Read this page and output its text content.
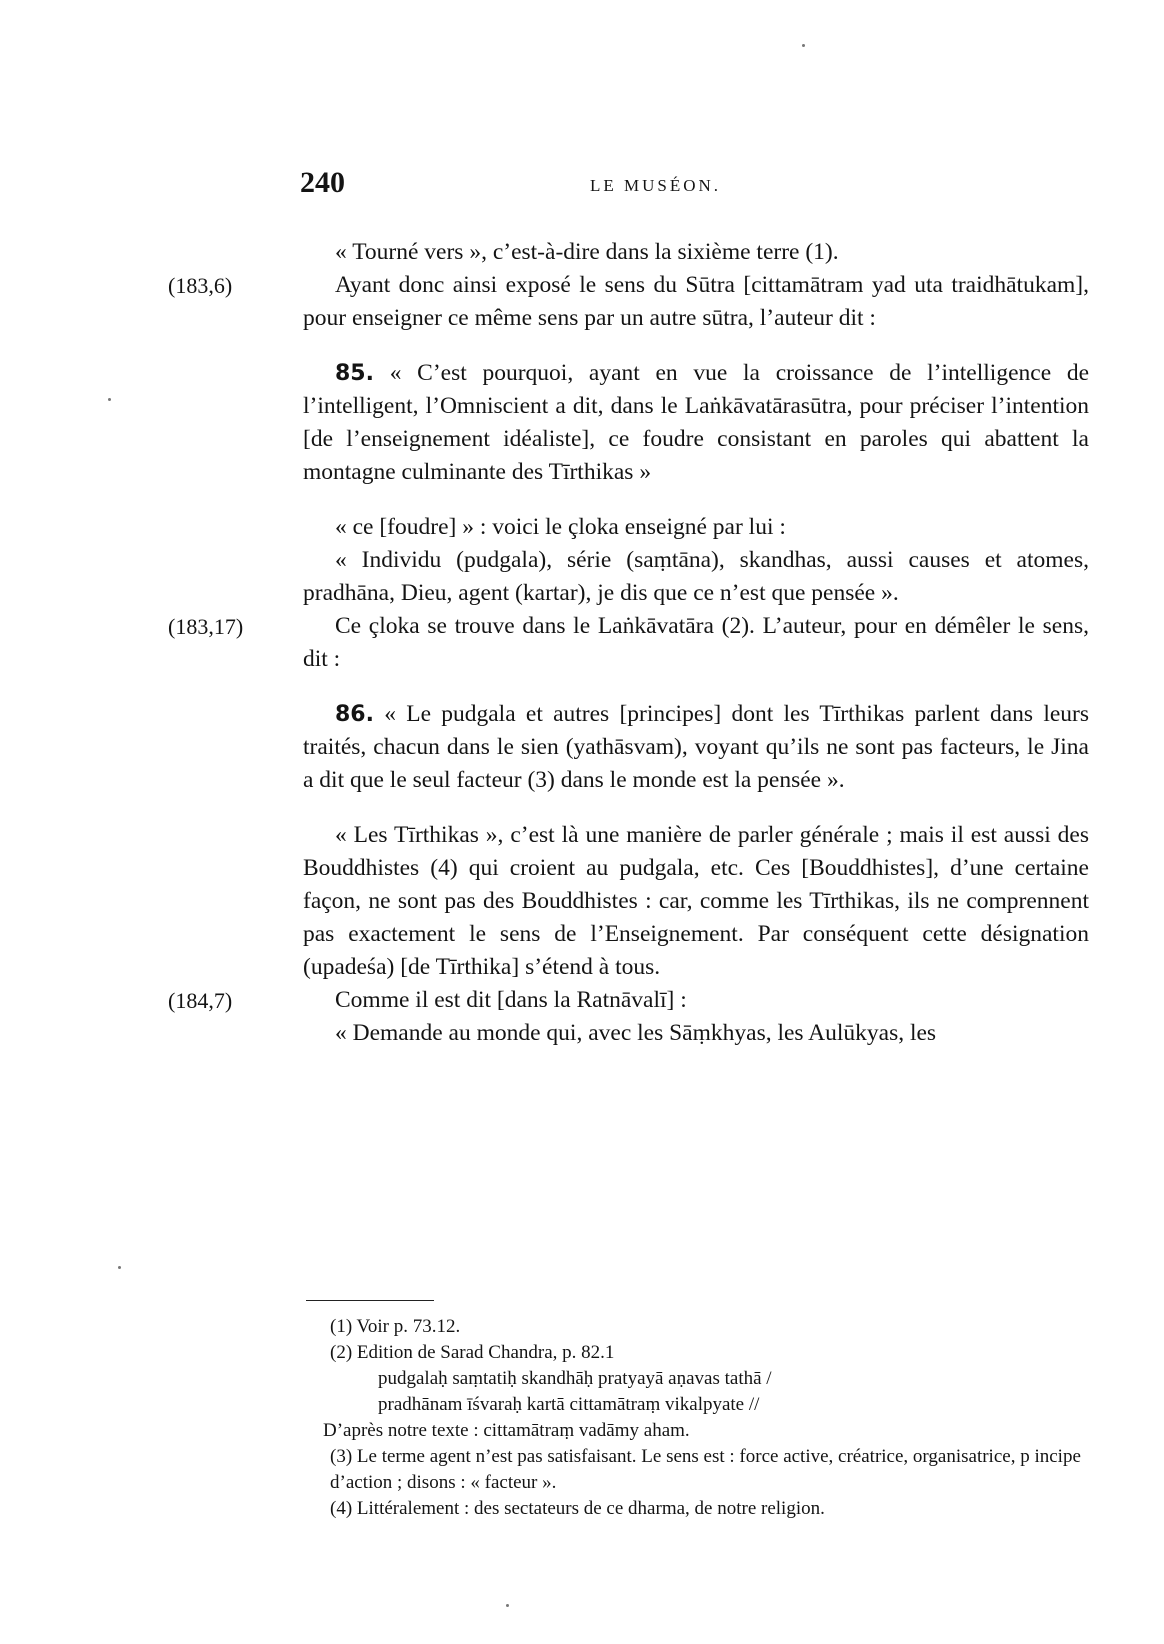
240	LE MUSÉON.

« Tourné vers », c’est-à-dire dans la sixième terre (1).

(183,6)	Ayant donc ainsi exposé le sens du Sūtra [cittamātram yad uta traidhātukam], pour enseigner ce même sens par un autre sūtra, l’auteur dit :

85. « C’est pourquoi, ayant en vue la croissance de l’intelligence de l’intelligent, l’Omniscient a dit, dans le Laṅkāvatārasūtra, pour préciser l’intention [de l’enseignement idéaliste], ce foudre consistant en paroles qui abattent la montagne culminante des Tīrthikas »

« ce [foudre] » : voici le çloka enseigné par lui :

« Individu (pudgala), série (saṃtāna), skandhas, aussi causes et atomes, pradhāna, Dieu, agent (kartar), je dis que ce n’est que pensée ».

(183,17)	Ce çloka se trouve dans le Laṅkāvatāra (2). L’auteur, pour en démêler le sens, dit :

86. « Le pudgala et autres [principes] dont les Tīrthikas parlent dans leurs traités, chacun dans le sien (yathāsvam), voyant qu’ils ne sont pas facteurs, le Jina a dit que le seul facteur (3) dans le monde est la pensée ».

« Les Tīrthikas », c’est là une manière de parler générale ; mais il est aussi des Bouddhistes (4) qui croient au pudgala, etc. Ces [Bouddhistes], d’une certaine façon, ne sont pas des Bouddhistes : car, comme les Tīrthikas, ils ne comprennent pas exactement le sens de l’Enseignement. Par conséquent cette désignation (upadeśa) [de Tīrthika] s’étend à tous.

(184,7)	Comme il est dit [dans la Ratnāvalī] :

« Demande au monde qui, avec les Sāṃkhyas, les Aulūkyas, les

(1) Voir p. 73.12.

(2) Edition de Sarad Chandra, p. 82.1

pudgalaḥ saṃtatiḥ skandhāḥ pratyayā aṇavas tathā /

pradhānam īśvaraḥ kartā cittamātraṃ vikalpyate //

D’après notre texte : cittamātraṃ vadāmy aham.

(3) Le terme agent n’est pas satisfaisant. Le sens est : force active, créatrice, organisatrice, p incipe d’action ; disons : « facteur ».

(4) Littéralement : des sectateurs de ce dharma, de notre religion.
